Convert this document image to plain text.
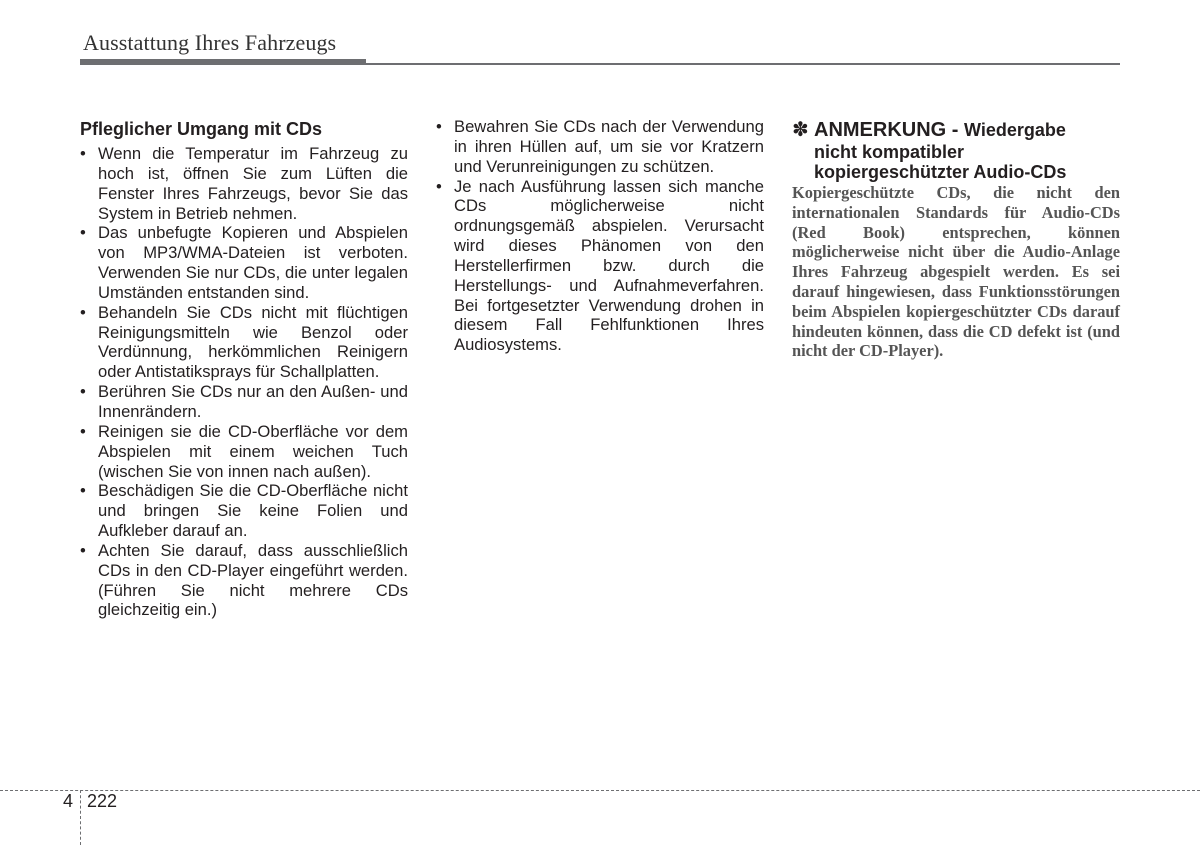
Ausstattung Ihres Fahrzeugs
Pfleglicher Umgang mit CDs
• Wenn die Temperatur im Fahrzeug zu hoch ist, öffnen Sie zum Lüften die Fenster Ihres Fahrzeugs, bevor Sie das System in Betrieb nehmen.
• Das unbefugte Kopieren und Abspielen von MP3/WMA-Dateien ist verboten. Verwenden Sie nur CDs, die unter legalen Umständen entstanden sind.
• Behandeln Sie CDs nicht mit flüchtigen Reinigungsmitteln wie Benzol oder Verdünnung, herkömmlichen Reinigern oder Antistatiksprays für Schallplatten.
• Berühren Sie CDs nur an den Außen- und Innenrändern.
• Reinigen sie die CD-Oberfläche vor dem Abspielen mit einem weichen Tuch (wischen Sie von innen nach außen).
• Beschädigen Sie die CD-Oberfläche nicht und bringen Sie keine Folien und Aufkleber darauf an.
• Achten Sie darauf, dass ausschließlich CDs in den CD-Player eingeführt werden. (Führen Sie nicht mehrere CDs gleichzeitig ein.)
• Bewahren Sie CDs nach der Verwendung in ihren Hüllen auf, um sie vor Kratzern und Verunreinigungen zu schützen.
• Je nach Ausführung lassen sich manche CDs möglicherweise nicht ordnungsgemäß abspielen. Verursacht wird dieses Phänomen von den Herstellerfirmen bzw. durch die Herstellungs- und Aufnahmeverfahren. Bei fortgesetzter Verwendung drohen in diesem Fall Fehlfunktionen Ihres Audiosystems.
✽ ANMERKUNG - Wiedergabe
nicht kompatibler
kopiergeschützter Audio-CDs
Kopiergeschützte CDs, die nicht den internationalen Standards für Audio-CDs (Red Book) entsprechen, können möglicherweise nicht über die Audio-Anlage Ihres Fahrzeug abgespielt werden. Es sei darauf hingewiesen, dass Funktionsstörungen beim Abspielen kopiergeschützter CDs darauf hindeuten können, dass die CD defekt ist (und nicht der CD-Player).
4 222
